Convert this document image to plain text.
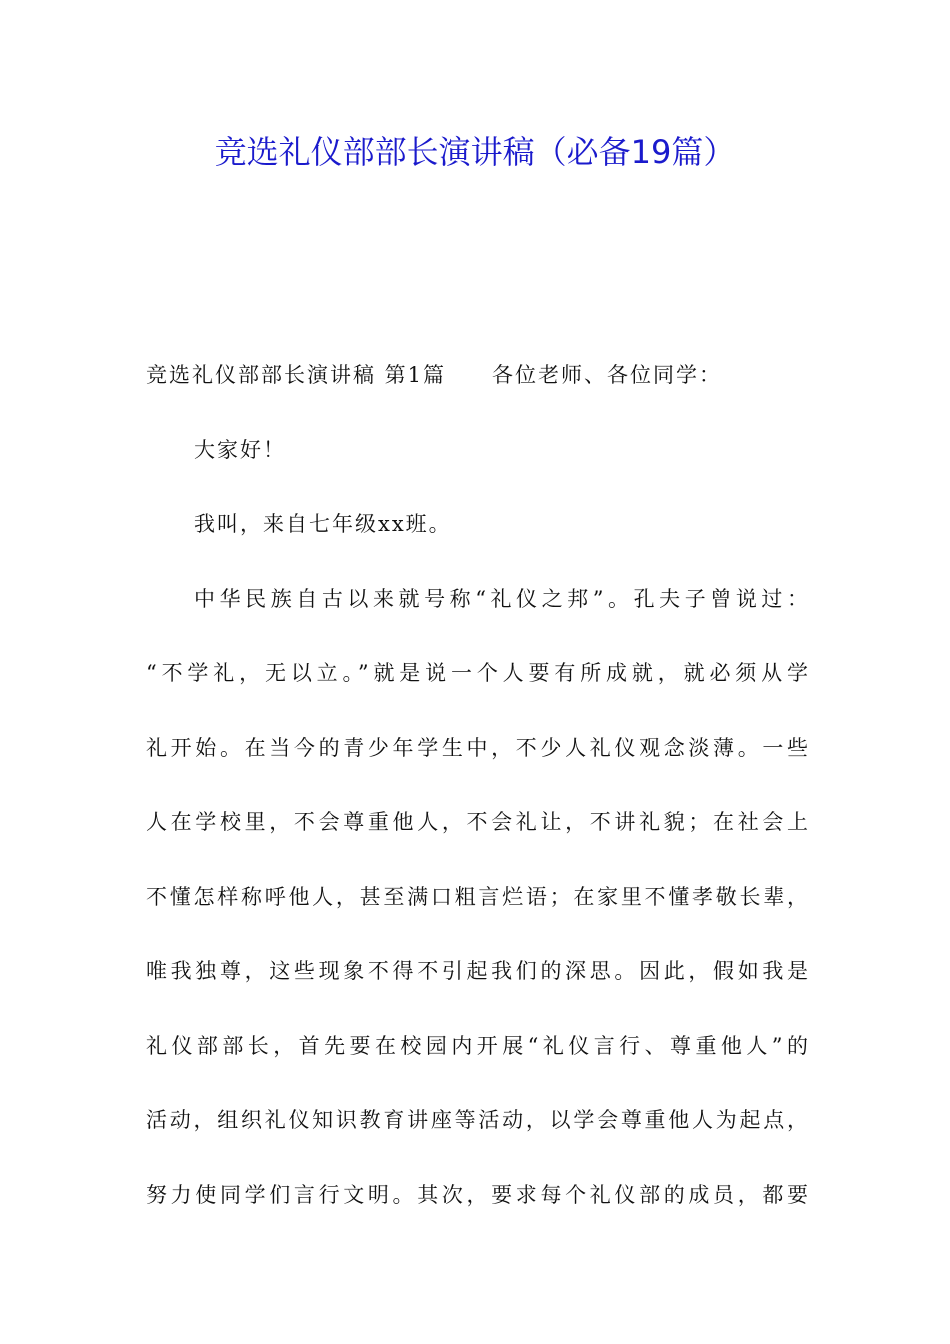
竞选礼仪部部长演讲稿（必备19篇）
竞选礼仪部部长演讲稿 第1篇 各位老师、各位同学：
大家好！
我叫，来自七年级xx班。
中华民族自古以来就号称“礼仪之邦”。孔夫子曾说过：
“不学礼，无以立。”就是说一个人要有所成就，就必须从学
礼开始。在当今的青少年学生中，不少人礼仪观念淡薄。一些
人在学校里，不会尊重他人，不会礼让，不讲礼貌；在社会上
不懂怎样称呼他人，甚至满口粗言烂语；在家里不懂孝敬长辈，
唯我独尊，这些现象不得不引起我们的深思。因此，假如我是
礼仪部部长，首先要在校园内开展“礼仪言行、尊重他人”的
活动，组织礼仪知识教育讲座等活动，以学会尊重他人为起点，
努力使同学们言行文明。其次，要求每个礼仪部的成员，都要
